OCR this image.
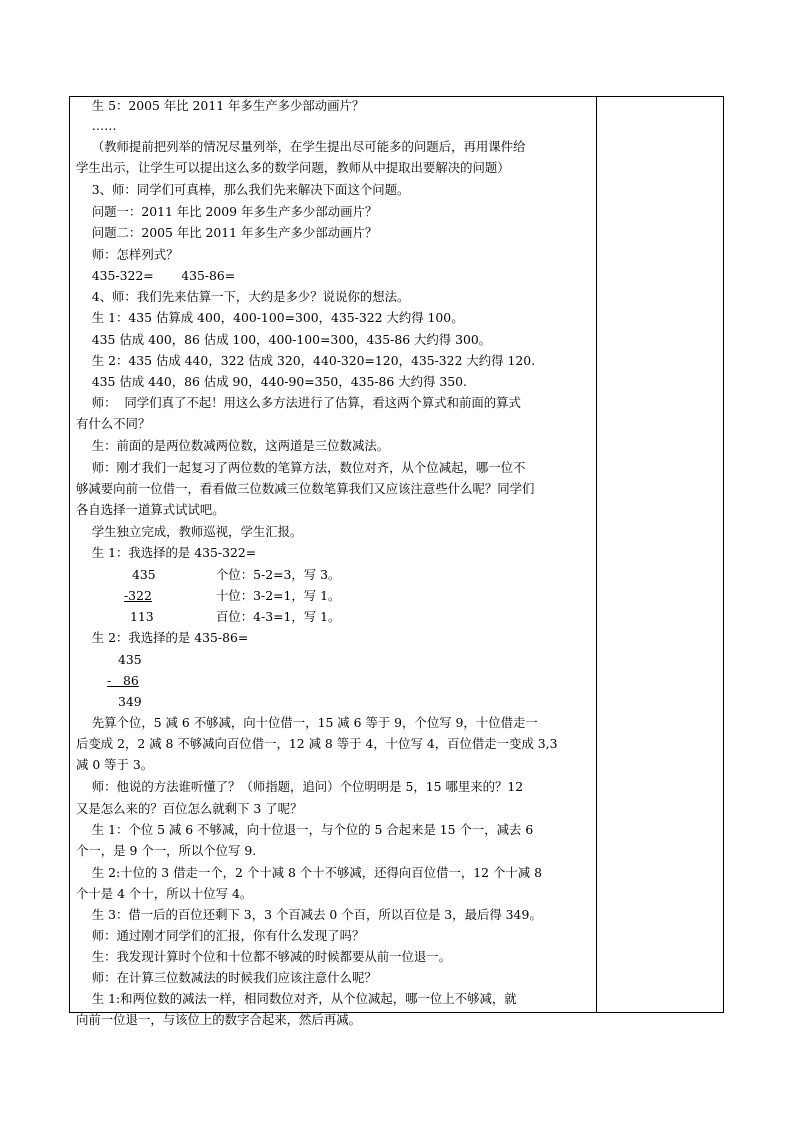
生 5：2005 年比 2011 年多生产多少部动画片？
……
（教师提前把列举的情况尽量列举，在学生提出尽可能多的问题后，再用课件给
学生出示，让学生可以提出这么多的数学问题，教师从中提取出要解决的问题）
3、师：同学们可真棒，那么我们先来解决下面这个问题。
问题一：2011 年比 2009 年多生产多少部动画片？
问题二：2005 年比 2011 年多生产多少部动画片？
师：怎样列式？
435-322=       435-86=
4、师：我们先来估算一下，大约是多少？说说你的想法。
生 1：435 估算成 400，400-100=300，435-322 大约得 100。
435 估成 400，86 估成 100，400-100=300，435-86 大约得 300。
生 2：435 估成 440，322 估成 320，440-320=120，435-322 大约得 120.
435 估成 440，86 估成 90，440-90=350，435-86 大约得 350.
师：  同学们真了不起！用这么多方法进行了估算，看这两个算式和前面的算式
有什么不同？
生：前面的是两位数减两位数，这两道是三位数减法。
师：刚才我们一起复习了两位数的笔算方法，数位对齐，从个位减起，哪一位不
够减要向前一位借一，看看做三位数减三位数笔算我们又应该注意些什么呢？同学们
各自选择一道算式试试吧。
学生独立完成，教师巡视，学生汇报。
生 1：我选择的是 435-322=
435
-322
113
个位：5-2=3，写 3。
十位：3-2=1，写 1。
百位：4-3=1，写 1。
生 2：我选择的是 435-86=
435
-   86
349
先算个位，5 减 6 不够减，向十位借一，15 减 6 等于 9，个位写 9，十位借走一
后变成 2，2 减 8 不够减向百位借一，12 减 8 等于 4，十位写 4，百位借走一变成 3,3
减 0 等于 3。
师：他说的方法谁听懂了？（师指题，追问）个位明明是 5，15 哪里来的？12
又是怎么来的？百位怎么就剩下 3 了呢？
生 1：个位 5 减 6 不够减，向十位退一，与个位的 5 合起来是 15 个一，减去 6
个一，是 9 个一，所以个位写 9.
生 2:十位的 3 借走一个，2 个十减 8 个十不够减，还得向百位借一，12 个十减 8
个十是 4 个十，所以十位写 4。
生 3：借一后的百位还剩下 3，3 个百减去 0 个百，所以百位是 3，最后得 349。
师：通过刚才同学们的汇报，你有什么发现了吗？
生：我发现计算时个位和十位都不够减的时候都要从前一位退一。
师：在计算三位数减法的时候我们应该注意什么呢？
生 1:和两位数的减法一样，相同数位对齐，从个位减起，哪一位上不够减，就
向前一位退一，与该位上的数字合起来，然后再减。
